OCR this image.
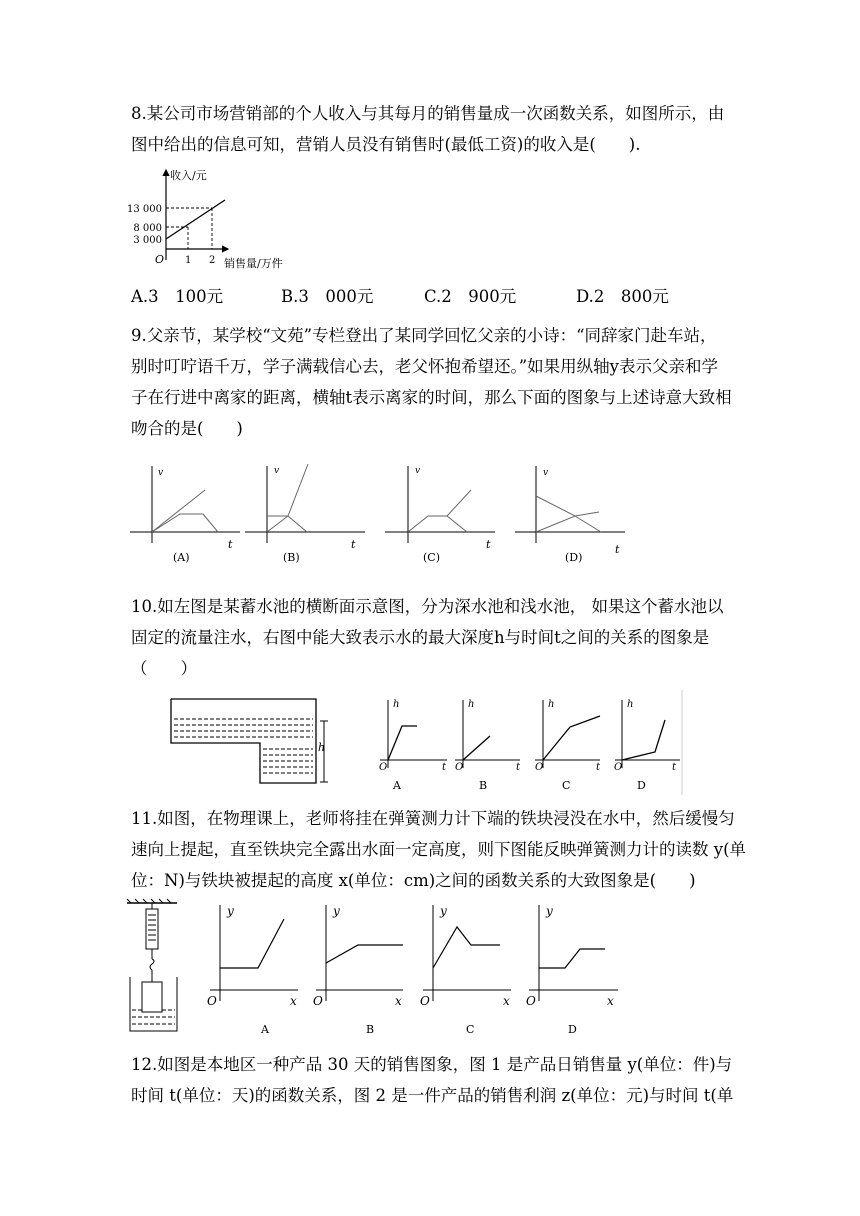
8.某公司市场营销部的个人收入与其每月的销售量成一次函数关系，如图所示，由
图中给出的信息可知，营销人员没有销售时(最低工资)的收入是(　　).
收入/元
13 000
8 000
3 000
O 1 2 销售量/万件
A.3　100元	B.3　000元	C.2　900元	D.2　800元
9.父亲节，某学校“文苑”专栏登出了某同学回忆父亲的小诗：“同辞家门赴车站，
别时叮咛语千万，学子满载信心去，老父怀抱希望还。”如果用纵轴y表示父亲和学
子在行进中离家的距离，横轴t表示离家的时间，那么下面的图象与上述诗意大致相
吻合的是(　　)
v
t
(A)
v
t
(B)
v
t
(C)
v
t
(D)
10.如左图是某蓄水池的横断面示意图，分为深水池和浅水池， 如果这个蓄水池以
固定的流量注水，右图中能大致表示水的最大深度h与时间t之间的关系的图象是
（　　）
h
h
O	t
A
h
O	t
B
h
O	t
C
h
O	t
D
11.如图，在物理课上，老师将挂在弹簧测力计下端的铁块浸没在水中，然后缓慢匀
速向上提起，直至铁块完全露出水面一定高度，则下图能反映弹簧测力计的读数 y(单
位：N)与铁块被提起的高度 x(单位：cm)之间的函数关系的大致图象是(　　)
y
O	x
A
y
O	x
B
y
O	x
C
y
O	x
D
12.如图是本地区一种产品 30 天的销售图象，图 1 是产品日销售量 y(单位：件)与
时间 t(单位：天)的函数关系，图 2 是一件产品的销售利润 z(单位：元)与时间 t(单
